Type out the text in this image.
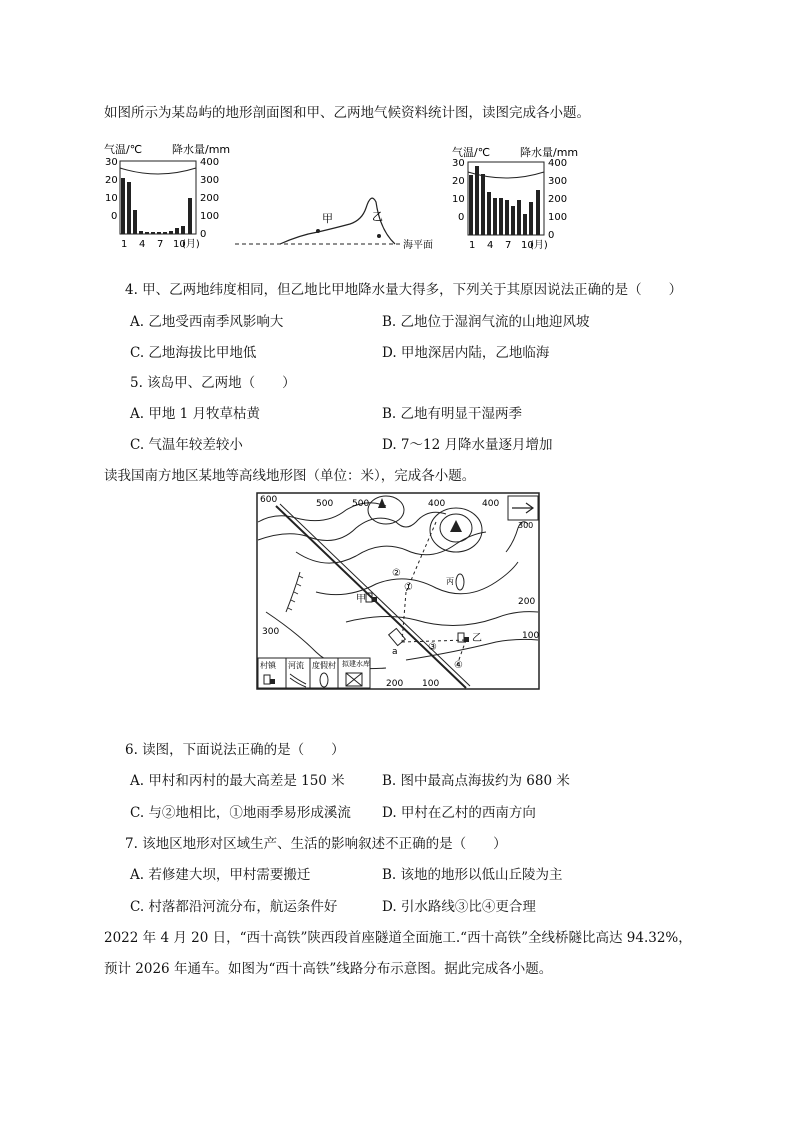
如图所示为某岛屿的地形剖面图和甲、乙两地气候资料统计图，读图完成各小题。
气温/℃	降水量/mm
30
20
10
0
400
300
200
100
0
1 4 7 10
(月)
甲	乙
海平面
气温/℃	降水量/mm
30
20
10
0
400
300
200
100
0
1 4 7 10
(月)
4. 甲、乙两地纬度相同，但乙地比甲地降水量大得多，下列关于其原因说法正确的是（　　）
A. 乙地受西南季风影响大	B. 乙地位于湿润气流的山地迎风坡
C. 乙地海拔比甲地低	D. 甲地深居内陆，乙地临海
5. 该岛甲、乙两地（　　）
A. 甲地 1 月牧草枯黄	B. 乙地有明显干湿两季
C. 气温年较差较小	D. 7～12 月降水量逐月增加
读我国南方地区某地等高线地形图（单位：米），完成各小题。
600	500 500	400	400
300
200
100
300
200 100
甲
乙
丙
a
①
②
③
④
村镇 河流 度假村 拟建水库
6. 读图，下面说法正确的是（　　）
A. 甲村和丙村的最大高差是 150 米	B. 图中最高点海拔约为 680 米
C. 与②地相比，①地雨季易形成溪流 D. 甲村在乙村的西南方向
7. 该地区地形对区域生产、生活的影响叙述不正确的是（　　）
A. 若修建大坝，甲村需要搬迁	B. 该地的地形以低山丘陵为主
C. 村落都沿河流分布，航运条件好	D. 引水路线③比④更合理
2022 年 4 月 20 日，“西十高铁”陕西段首座隧道全面施工.“西十高铁”全线桥隧比高达 94.32%，
预计 2026 年通车。如图为“西十高铁”线路分布示意图。据此完成各小题。
